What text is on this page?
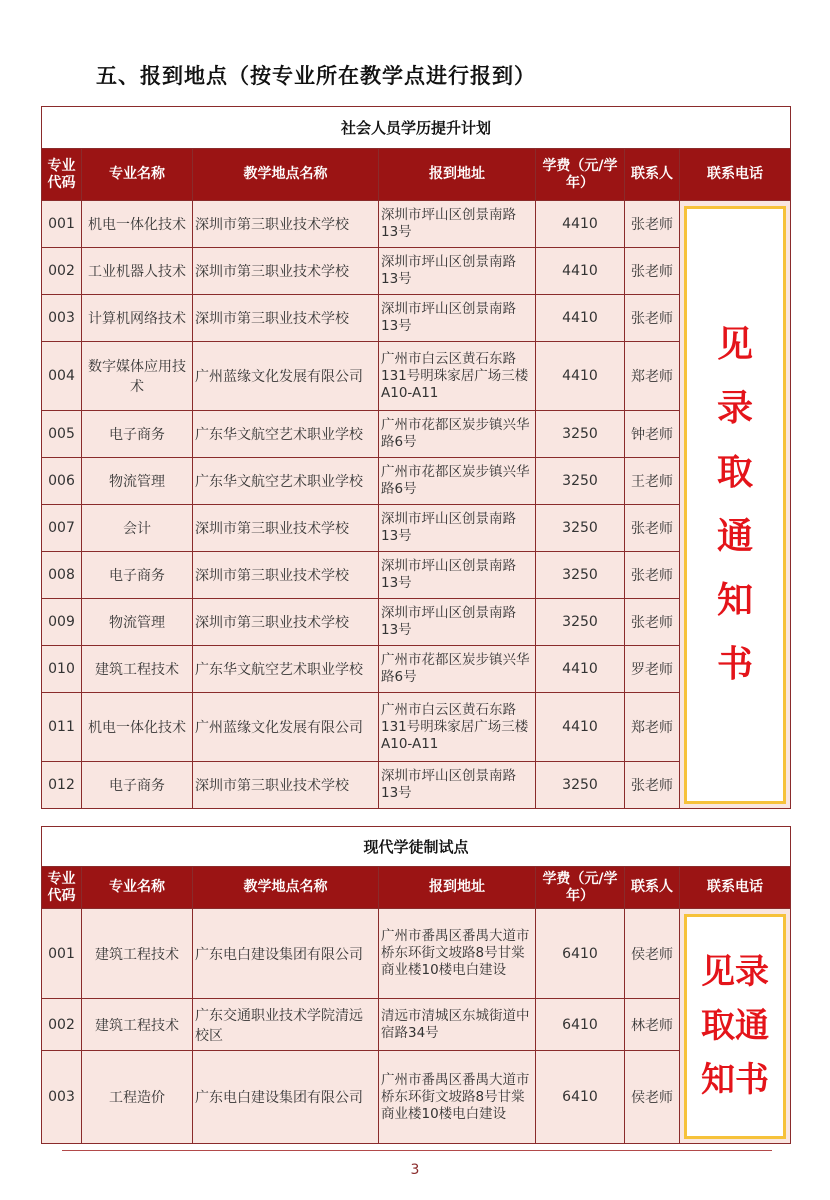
五、报到地点（按专业所在教学点进行报到）
社会人员学历提升计划						
专业代码	专业名称	教学地点名称	报到地址	学费（元/学年）	联系人	联系电话
001	机电一体化技术	深圳市第三职业技术学校	深圳市坪山区创景南路13号	4410	张老师	见录取通知书

002	工业机器人技术	深圳市第三职业技术学校	深圳市坪山区创景南路13号	4410	张老师	
003	计算机网络技术	深圳市第三职业技术学校	深圳市坪山区创景南路13号	4410	张老师	
004	数字媒体应用技术	广州蓝缘文化发展有限公司	广州市白云区黄石东路131号明珠家居广场三楼A10-A11	4410	郑老师	
005	电子商务	广东华文航空艺术职业学校	广州市花都区炭步镇兴华路6号	3250	钟老师	
006	物流管理	广东华文航空艺术职业学校	广州市花都区炭步镇兴华路6号	3250	王老师	
007	会计	深圳市第三职业技术学校	深圳市坪山区创景南路13号	3250	张老师	
008	电子商务	深圳市第三职业技术学校	深圳市坪山区创景南路13号	3250	张老师	
009	物流管理	深圳市第三职业技术学校	深圳市坪山区创景南路13号	3250	张老师	
010	建筑工程技术	广东华文航空艺术职业学校	广州市花都区炭步镇兴华路6号	4410	罗老师	
011	机电一体化技术	广州蓝缘文化发展有限公司	广州市白云区黄石东路131号明珠家居广场三楼A10-A11	4410	郑老师	
012	电子商务	深圳市第三职业技术学校	深圳市坪山区创景南路13号	3250	张老师	
现代学徒制试点						
专业代码	专业名称	教学地点名称	报到地址	学费（元/学年）	联系人	联系电话
001	建筑工程技术	广东电白建设集团有限公司	广州市番禺区番禺大道市桥东环街文坡路8号甘棠商业楼10楼电白建设	6410	侯老师	见录取通知书

002	建筑工程技术	广东交通职业技术学院清远校区	清远市清城区东城街道中宿路34号	6410	林老师	
003	工程造价	广东电白建设集团有限公司	广州市番禺区番禺大道市桥东环街文坡路8号甘棠商业楼10楼电白建设	6410	侯老师	
3
